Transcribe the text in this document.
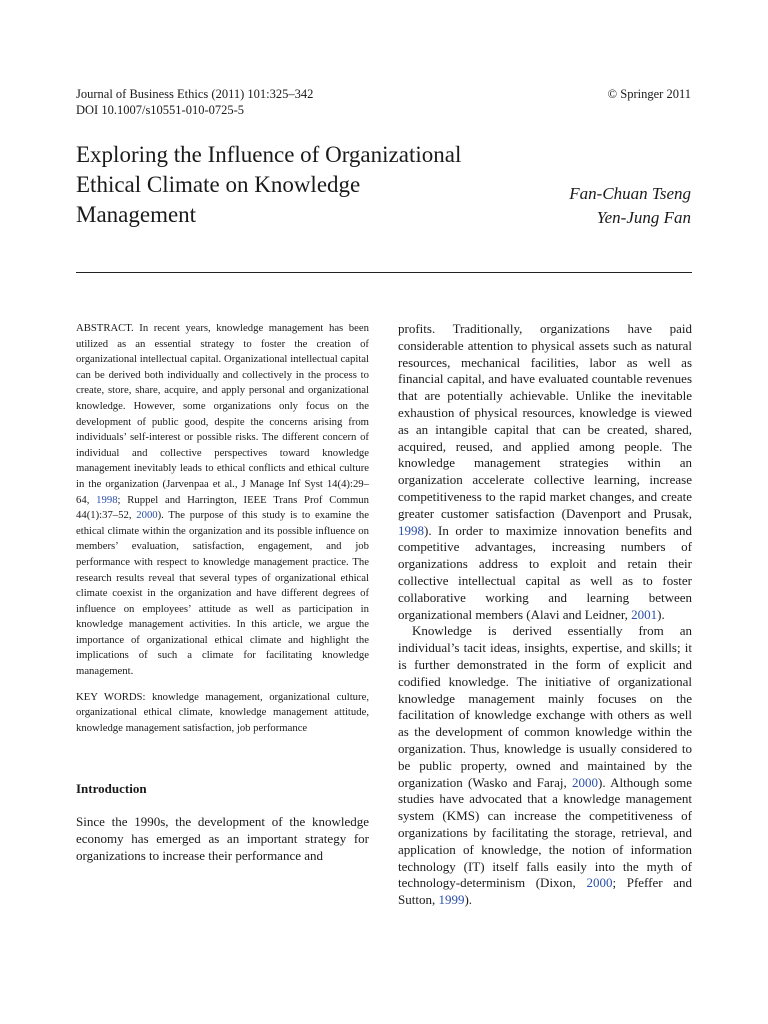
Journal of Business Ethics (2011) 101:325–342
DOI 10.1007/s10551-010-0725-5
© Springer 2011
Exploring the Influence of Organizational
Ethical Climate on Knowledge
Management
Fan-Chuan Tseng
Yen-Jung Fan

ABSTRACT. In recent years, knowledge management has been utilized as an essential strategy to foster the creation of organizational intellectual capital. Organizational intellectual capital can be derived both individually and collectively in the process to create, store, share, acquire, and apply personal and organizational knowledge. However, some organizations only focus on the development of public good, despite the concerns arising from individuals’ self-interest or possible risks. The different concern of individual and collective perspectives toward knowledge management inevitably leads to ethical conflicts and ethical culture in the organization (Jarvenpaa et al., J Manage Inf Syst 14(4):29–64, 1998; Ruppel and Harrington, IEEE Trans Prof Commun 44(1):37–52, 2000). The purpose of this study is to examine the ethical climate within the organization and its possible influence on members’ evaluation, satisfaction, engagement, and job performance with respect to knowledge management practice. The research results reveal that several types of organizational ethical climate coexist in the organization and have different degrees of influence on employees’ attitude as well as participation in knowledge management activities. In this article, we argue the importance of organizational ethical climate and highlight the implications of such a climate for facilitating knowledge management.

KEY WORDS: knowledge management, organizational culture, organizational ethical climate, knowledge management attitude, knowledge management satisfaction, job performance

Introduction

Since the 1990s, the development of the knowledge economy has emerged as an important strategy for organizations to increase their performance and

profits. Traditionally, organizations have paid considerable attention to physical assets such as natural resources, mechanical facilities, labor as well as financial capital, and have evaluated countable revenues that are potentially achievable. Unlike the inevitable exhaustion of physical resources, knowledge is viewed as an intangible capital that can be created, shared, acquired, reused, and applied among people. The knowledge management strategies within an organization accelerate collective learning, increase competitiveness to the rapid market changes, and create greater customer satisfaction (Davenport and Prusak, 1998). In order to maximize innovation benefits and competitive advantages, increasing numbers of organizations address to exploit and retain their collective intellectual capital as well as to foster collaborative working and learning between organizational members (Alavi and Leidner, 2001).

Knowledge is derived essentially from an individual’s tacit ideas, insights, expertise, and skills; it is further demonstrated in the form of explicit and codified knowledge. The initiative of organizational knowledge management mainly focuses on the facilitation of knowledge exchange with others as well as the development of common knowledge within the organization. Thus, knowledge is usually considered to be public property, owned and maintained by the organization (Wasko and Faraj, 2000). Although some studies have advocated that a knowledge management system (KMS) can increase the competitiveness of organizations by facilitating the storage, retrieval, and application of knowledge, the notion of information technology (IT) itself falls easily into the myth of technology-determinism (Dixon, 2000; Pfeffer and Sutton, 1999).
